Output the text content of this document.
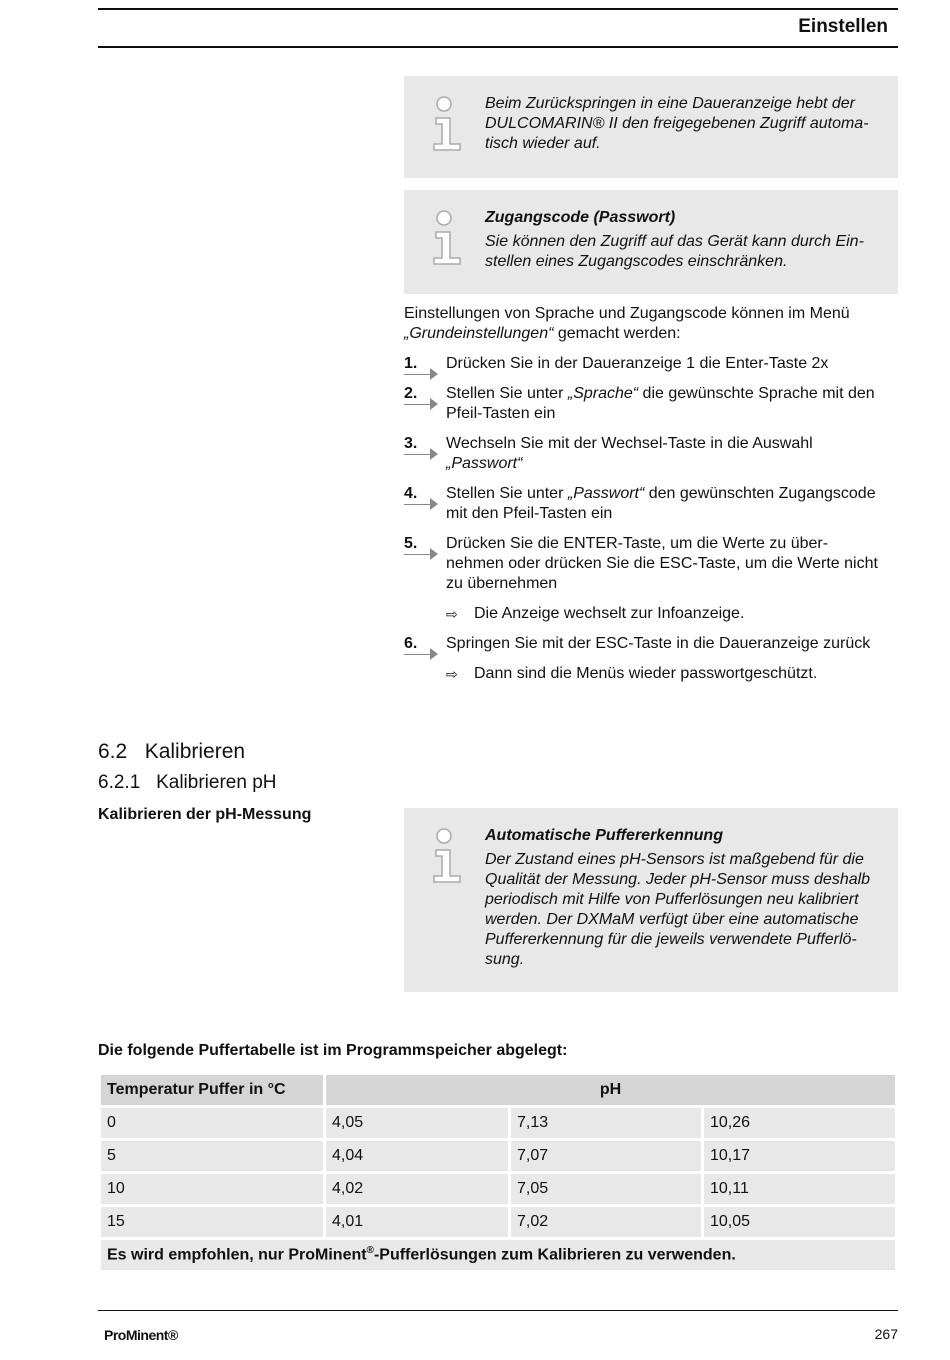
Einstellen
Beim Zurückspringen in eine Daueranzeige hebt der
DULCOMARIN® II den freigegebenen Zugriff automa-
tisch wieder auf.
Zugangscode (Passwort)
Sie können den Zugriff auf das Gerät kann durch Ein-
stellen eines Zugangscodes einschränken.
Einstellungen von Sprache und Zugangscode können im Menü
„Grundeinstellungen“ gemacht werden:
1.	Drücken Sie in der Daueranzeige 1 die Enter-Taste 2x
2.	Stellen Sie unter „Sprache“ die gewünschte Sprache mit den
Pfeil-Tasten ein
3.	Wechseln Sie mit der Wechsel-Taste in die Auswahl
„Passwort“
4.	Stellen Sie unter „Passwort“ den gewünschten Zugangscode
mit den Pfeil-Tasten ein
5.	Drücken Sie die ENTER-Taste, um die Werte zu über-
nehmen oder drücken Sie die ESC-Taste, um die Werte nicht
zu übernehmen
⇨ Die Anzeige wechselt zur Infoanzeige.
6.	Springen Sie mit der ESC-Taste in die Daueranzeige zurück
⇨ Dann sind die Menüs wieder passwortgeschützt.
6.2   Kalibrieren
6.2.1   Kalibrieren pH
Kalibrieren der pH-Messung
Automatische Puffererkennung
Der Zustand eines pH-Sensors ist maßgebend für die
Qualität der Messung. Jeder pH-Sensor muss deshalb
periodisch mit Hilfe von Pufferlösungen neu kalibriert
werden. Der DXMaM verfügt über eine automatische
Puffererkennung für die jeweils verwendete Pufferlö-
sung.
Die folgende Puffertabelle ist im Programmspeicher abgelegt:
Temperatur Puffer in °C	pH		
0	4,05	7,13	10,26
5	4,04	7,07	10,17
10	4,02	7,05	10,11
15	4,01	7,02	10,05
Es wird empfohlen, nur ProMinent®-Pufferlösungen zum Kalibrieren zu verwenden.			
ProMinent®	267
